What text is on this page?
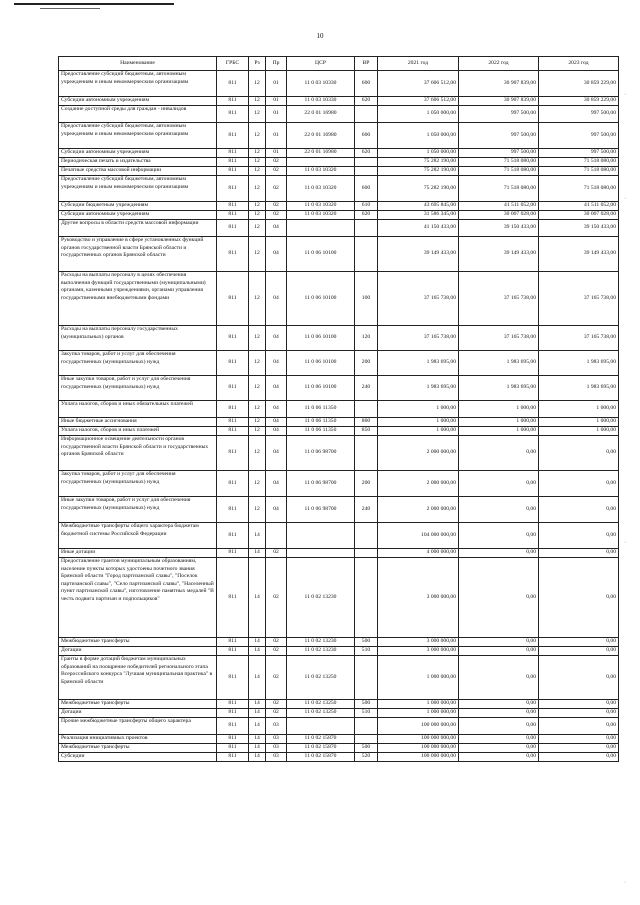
10
·
·
·
·
Наименование	ГРБС	Рз	Пр	ЦСР	ВР	2021 год	2022 год	2023 год
Предоставление субсидий бюджетным, автономным учреждениям и иным некоммерческим организациям	811	12	01	11 0 03 10330	600	37 606 512,00	30 907 839,00	30 859 229,00
Субсидии автономным учреждениям	811	12	01	11 0 03 10330	620	37 606 512,00	30 907 839,00	30 859 229,00
Создание доступной среды для граждан - инвалидов	811	12	01	22 0 01 16980		1 050 000,00	997 500,00	997 500,00
Предоставление субсидий бюджетным, автономным учреждениям и иным некоммерческим организациям	811	12	01	22 0 01 16980	600	1 050 000,00	997 500,00	997 500,00
Субсидии автономным учреждениям	811	12	01	22 0 01 16980	620	1 050 000,00	997 500,00	997 500,00
Периодическая печать и издательства	811	12	02			75 282 190,00	71 518 080,00	71 518 080,00
Печатные средства массовой информации	811	12	02	11 0 03 10320		75 282 190,00	71 518 080,00	71 518 080,00
Предоставление субсидий бюджетным, автономным учреждениям и иным некоммерческим организациям	811	12	02	11 0 03 10320	600	75 282 190,00	71 518 080,00	71 518 080,00
Субсидии бюджетным учреждениям	811	12	02	11 0 03 10320	610	43 695 845,00	41 511 052,00	41 511 052,00
Субсидии автономным учреждениям	811	12	02	11 0 03 10320	620	31 586 345,00	30 007 028,00	30 007 028,00
Другие вопросы в области средств массовой информации	811	12	04			41 150 433,00	39 150 433,00	39 150 433,00
Руководство и управление в сфере установленных функций органов государственной власти Брянской области и государственных органов Брянской области	811	12	04	11 0 06 10100		39 149 433,00	39 149 433,00	39 149 433,00
Расходы на выплаты персоналу в целях обеспечения выполнения функций государственными (муниципальными) органами, казенными учреждениями, органами управления государственными внебюджетными фондами	811	12	04	11 0 06 10100	100	37 165 738,00	37 165 738,00	37 165 738,00
Расходы на выплаты персоналу государственных (муниципальных) органов	811	12	04	11 0 06 10100	120	37 165 738,00	37 165 738,00	37 165 738,00
Закупка товаров, работ и услуг для обеспечения государственных (муниципальных) нужд	811	12	04	11 0 06 10100	200	1 983 695,00	1 983 695,00	1 983 695,00
Иные закупки товаров, работ и услуг для обеспечения государственных (муниципальных) нужд	811	12	04	11 0 06 10100	240	1 983 695,00	1 983 695,00	1 983 695,00
Уплата налогов, сборов и иных обязательных платежей	811	12	04	11 0 06 11350		1 000,00	1 000,00	1 000,00
Иные бюджетные ассигнования	811	12	04	11 0 06 11350	800	1 000,00	1 000,00	1 000,00
Уплата налогов, сборов и иных платежей	811	12	04	11 0 06 11350	850	1 000,00	1 000,00	1 000,00
Информационное освещение деятельности органов государственной власти Брянской области и государственных органов Брянской области	811	12	04	11 0 06 98700		2 000 000,00	0,00	0,00
Закупка товаров, работ и услуг для обеспечения государственных (муниципальных) нужд	811	12	04	11 0 06 98700	200	2 000 000,00	0,00	0,00
Иные закупки товаров, работ и услуг для обеспечения государственных (муниципальных) нужд	811	12	04	11 0 06 98700	240	2 000 000,00	0,00	0,00
Межбюджетные трансферты общего характера бюджетам бюджетной системы Российской Федерации	811	14				104 000 000,00	0,00	0,00
Иные дотации	811	14	02			4 000 000,00	0,00	0,00
Предоставление грантов муниципальным образованиям, население пункты которых удостоены почетного звания Брянской области "Город партизанской славы", "Поселок партизанской славы", "Село партизанской славы", "Населенный пункт партизанской славы", изготовление памятных медалей "В честь подвига партизан и подпольщиков"	811	14	02	11 0 02 13230		3 000 000,00	0,00	0,00
Межбюджетные трансферты	811	14	02	11 0 02 13230	500	3 000 000,00	0,00	0,00
Дотации	811	14	02	11 0 02 13230	510	3 000 000,00	0,00	0,00
Гранты в форме дотаций бюджетам муниципальных образований на поощрение победителей регионального этапа Всероссийского конкурса "Лучшая муниципальная практика" в Брянской области	811	14	02	11 0 02 13250		1 000 000,00	0,00	0,00
Межбюджетные трансферты	811	14	02	11 0 02 13250	500	1 000 000,00	0,00	0,00
Дотации	811	14	02	11 0 02 13250	510	1 000 000,00	0,00	0,00
Прочие межбюджетные трансферты общего характера	811	14	03			100 000 000,00	0,00	0,00
Реализация инициативных проектов	811	14	03	11 0 02 15870		100 000 000,00	0,00	0,00
Межбюджетные трансферты	811	14	03	11 0 02 15870	500	100 000 000,00	0,00	0,00
Субсидии	811	14	03	11 0 02 15870	520	100 000 000,00	0,00	0,00
